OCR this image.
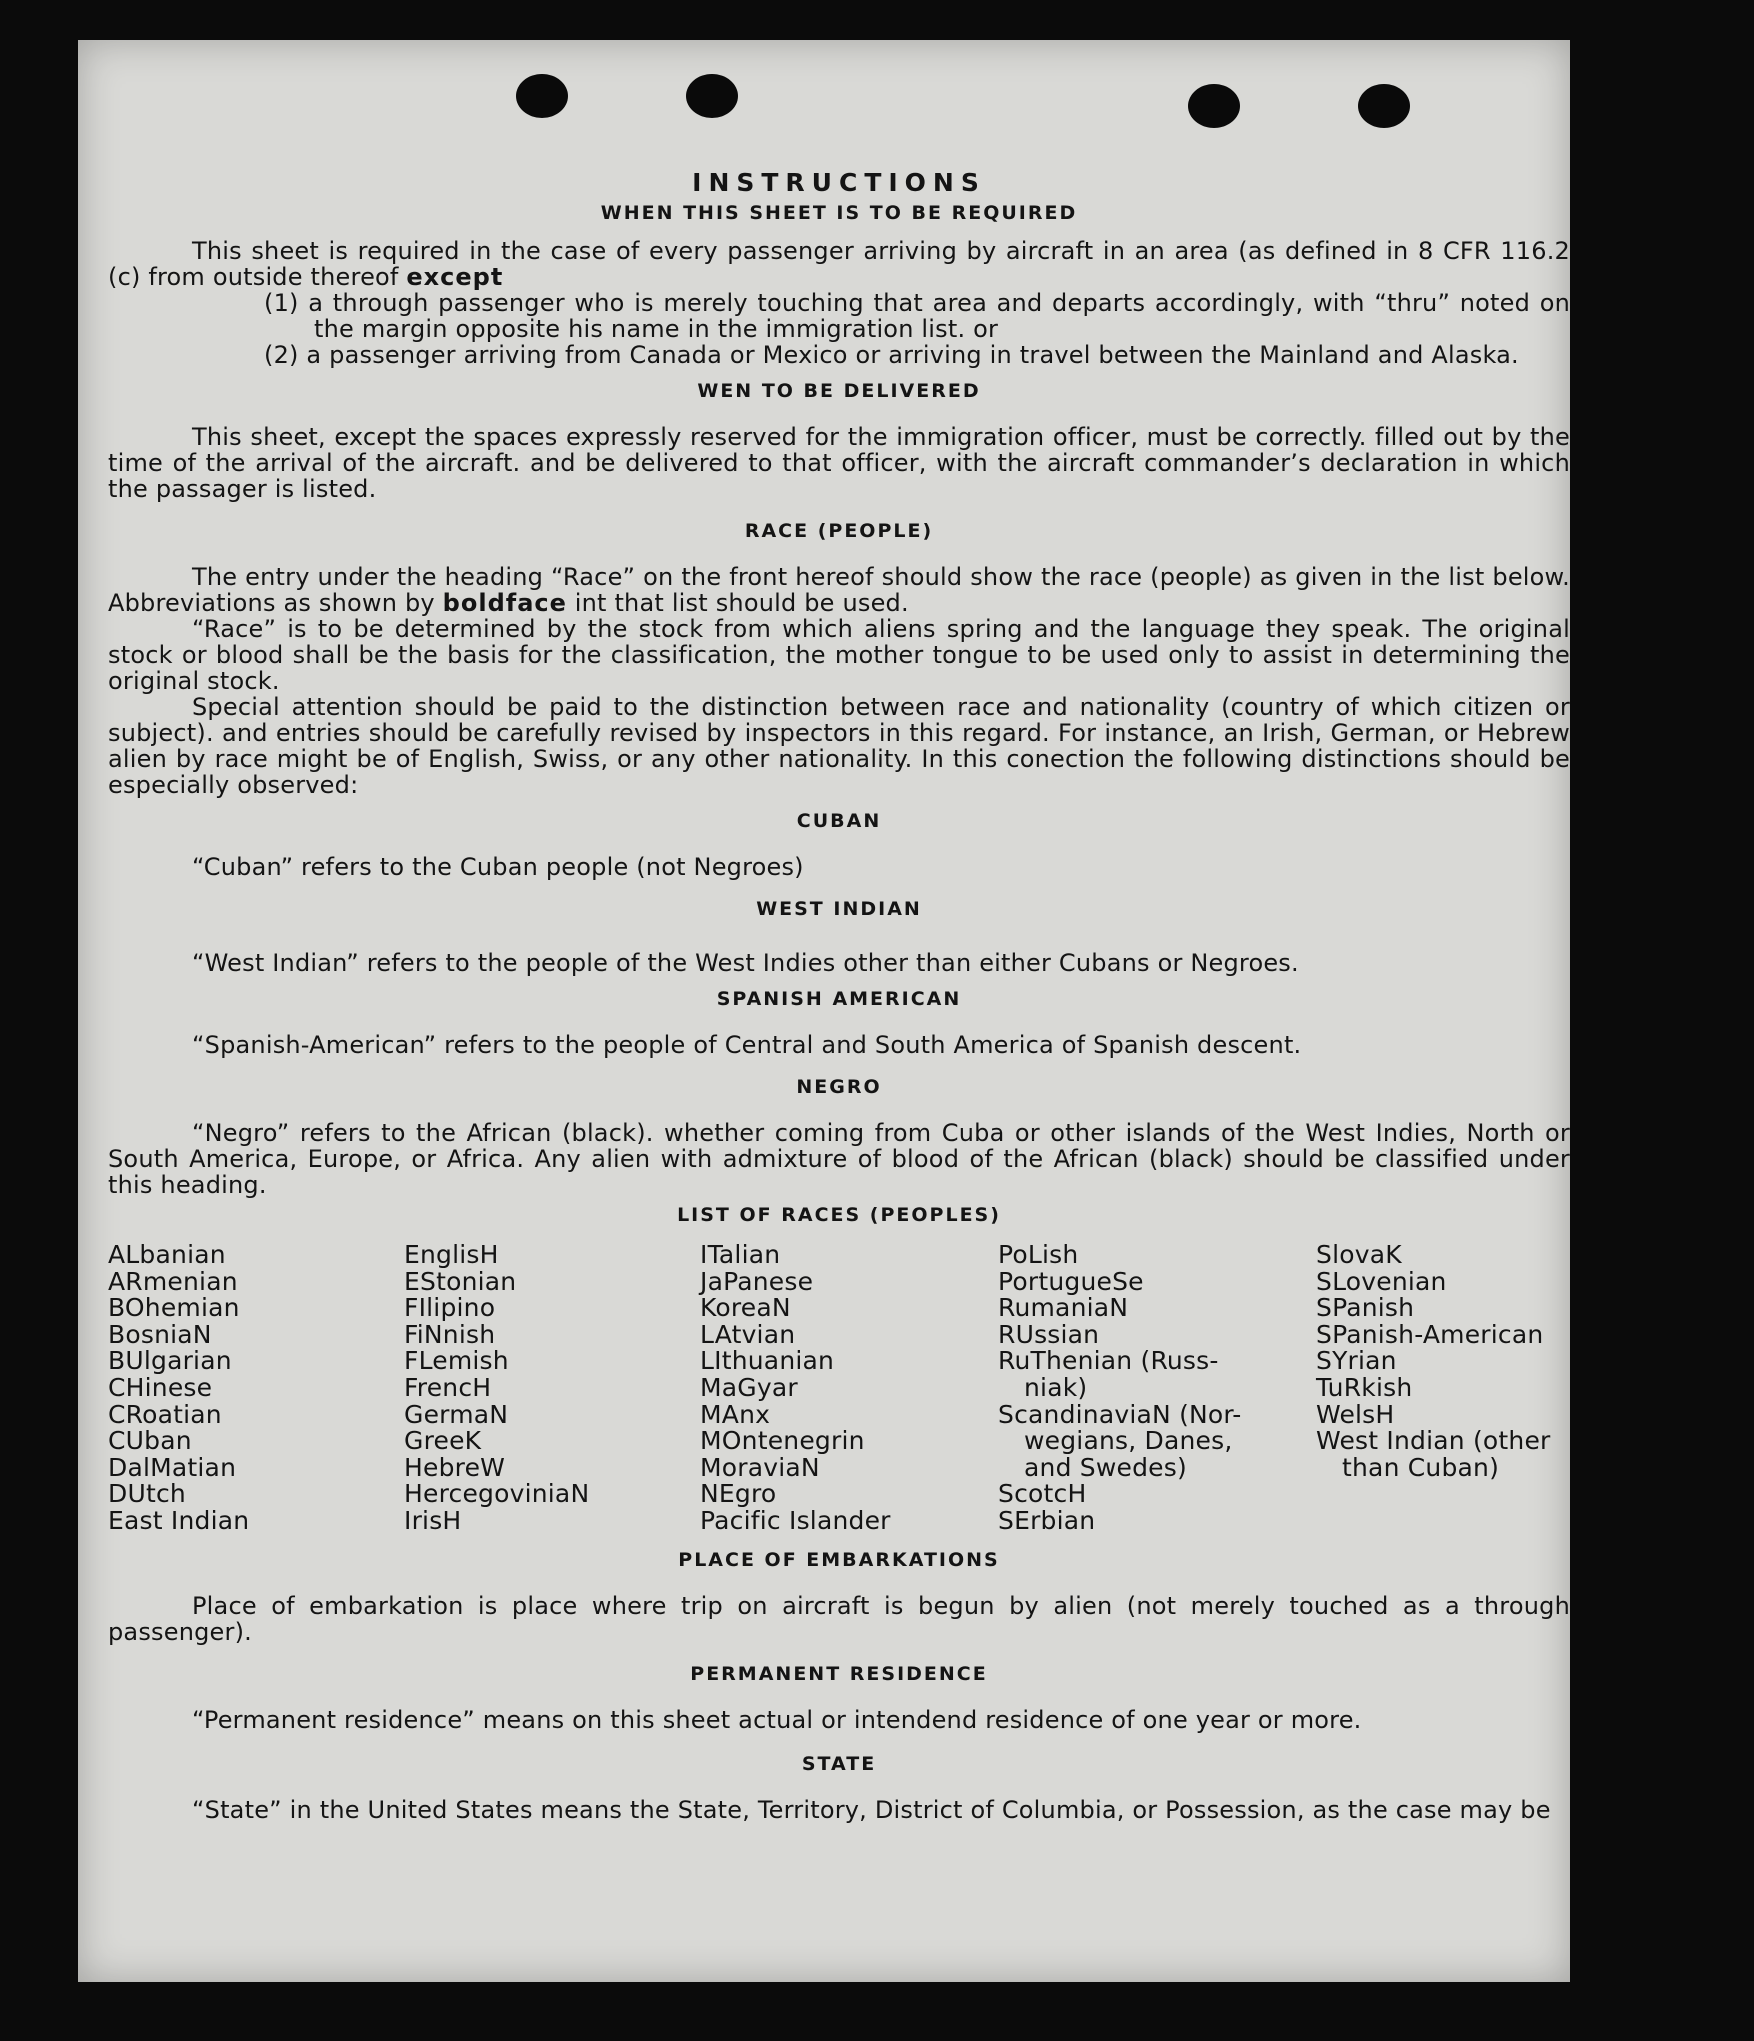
INSTRUCTIONS
WHEN THIS SHEET IS TO BE REQUIRED

This sheet is required in the case of every passenger arriving by aircraft in an area (as defined in 8 CFR 116.2 (c) from outside thereof except

(1) a through passenger who is merely touching that area and departs accordingly, with “thru” noted on the margin opposite his name in the immigration list. or

(2) a passenger arriving from Canada or Mexico or arriving in travel between the Mainland and Alaska.

WEN TO BE DELIVERED

This sheet, except the spaces expressly reserved for the immigration officer, must be correctly. filled out by the time of the arrival of the aircraft. and be delivered to that officer, with the aircraft commander’s declaration in which the passager is listed.

RACE (PEOPLE)

The entry under the heading “Race” on the front hereof should show the race (people) as given in the list below. Abbreviations as shown by boldface int that list should be used.

“Race” is to be determined by the stock from which aliens spring and the language they speak. The original stock or blood shall be the basis for the classification, the mother tongue to be used only to assist in determining the original stock.

Special attention should be paid to the distinction between race and nationality (country of which citizen or subject). and entries should be carefully revised by inspectors in this regard. For instance, an Irish, German, or Hebrew alien by race might be of English, Swiss, or any other nationality. In this conection the following distinctions should be especially observed:

CUBAN

“Cuban” refers to the Cuban people (not Negroes)

WEST INDIAN

“West Indian” refers to the people of the West Indies other than either Cubans or Negroes.

SPANISH AMERICAN

“Spanish-American” refers to the people of Central and South America of Spanish descent.

NEGRO

“Negro” refers to the African (black). whether coming from Cuba or other islands of the West Indies, North or South America, Europe, or Africa. Any alien with admixture of blood of the African (black) should be classified under this heading.

LIST OF RACES (PEOPLES)
ALbanian
ARmenian
BOhemian
BosniaN
BUlgarian
CHinese
CRoatian
CUban
DalMatian
DUtch
East Indian
EnglisH
EStonian
FIlipino
FiNnish
FLemish
FrencH
GermaN
GreeK
HebreW
HercegoviniaN
IrisH
ITalian
JaPanese
KoreaN
LAtvian
LIthuanian
MaGyar
MAnx
MOntenegrin
MoraviaN
NEgro
Pacific Islander
PoLish
PortugueSe
RumaniaN
RUssian
RuThenian (Russ-
niak)
ScandinaviaN (Nor-
wegians, Danes,
and Swedes)
ScotcH
SErbian
SlovaK
SLovenian
SPanish
SPanish-American
SYrian
TuRkish
WelsH
West Indian (other
than Cuban)
PLACE OF EMBARKATIONS

Place of embarkation is place where trip on aircraft is begun by alien (not merely touched as a through passenger).

PERMANENT RESIDENCE

“Permanent residence” means on this sheet actual or intendend residence of one year or more.

STATE

“State” in the United States means the State, Territory, District of Columbia, or Possession, as the case may be
